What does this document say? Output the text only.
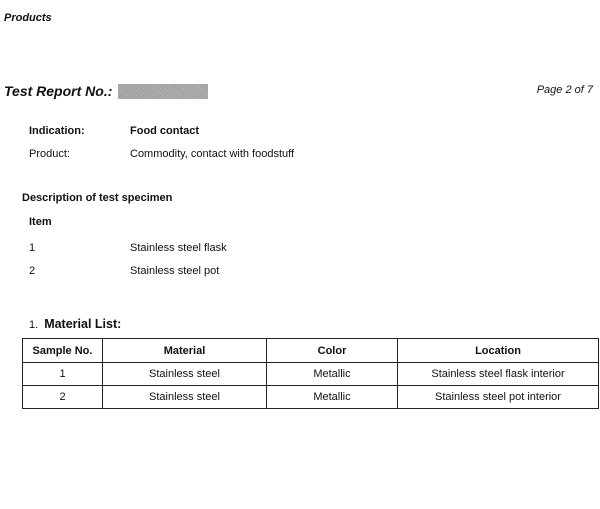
Products
Test Report No.:	Page 2 of 7
Indication:	Food contact
Product:	Commodity, contact with foodstuff
Description of test specimen
Item
1	Stainless steel flask
2	Stainless steel pot
1. Material List:
Sample No.	Material	Color	Location
1	Stainless steel	Metallic	Stainless steel flask interior
2	Stainless steel	Metallic	Stainless steel pot interior
